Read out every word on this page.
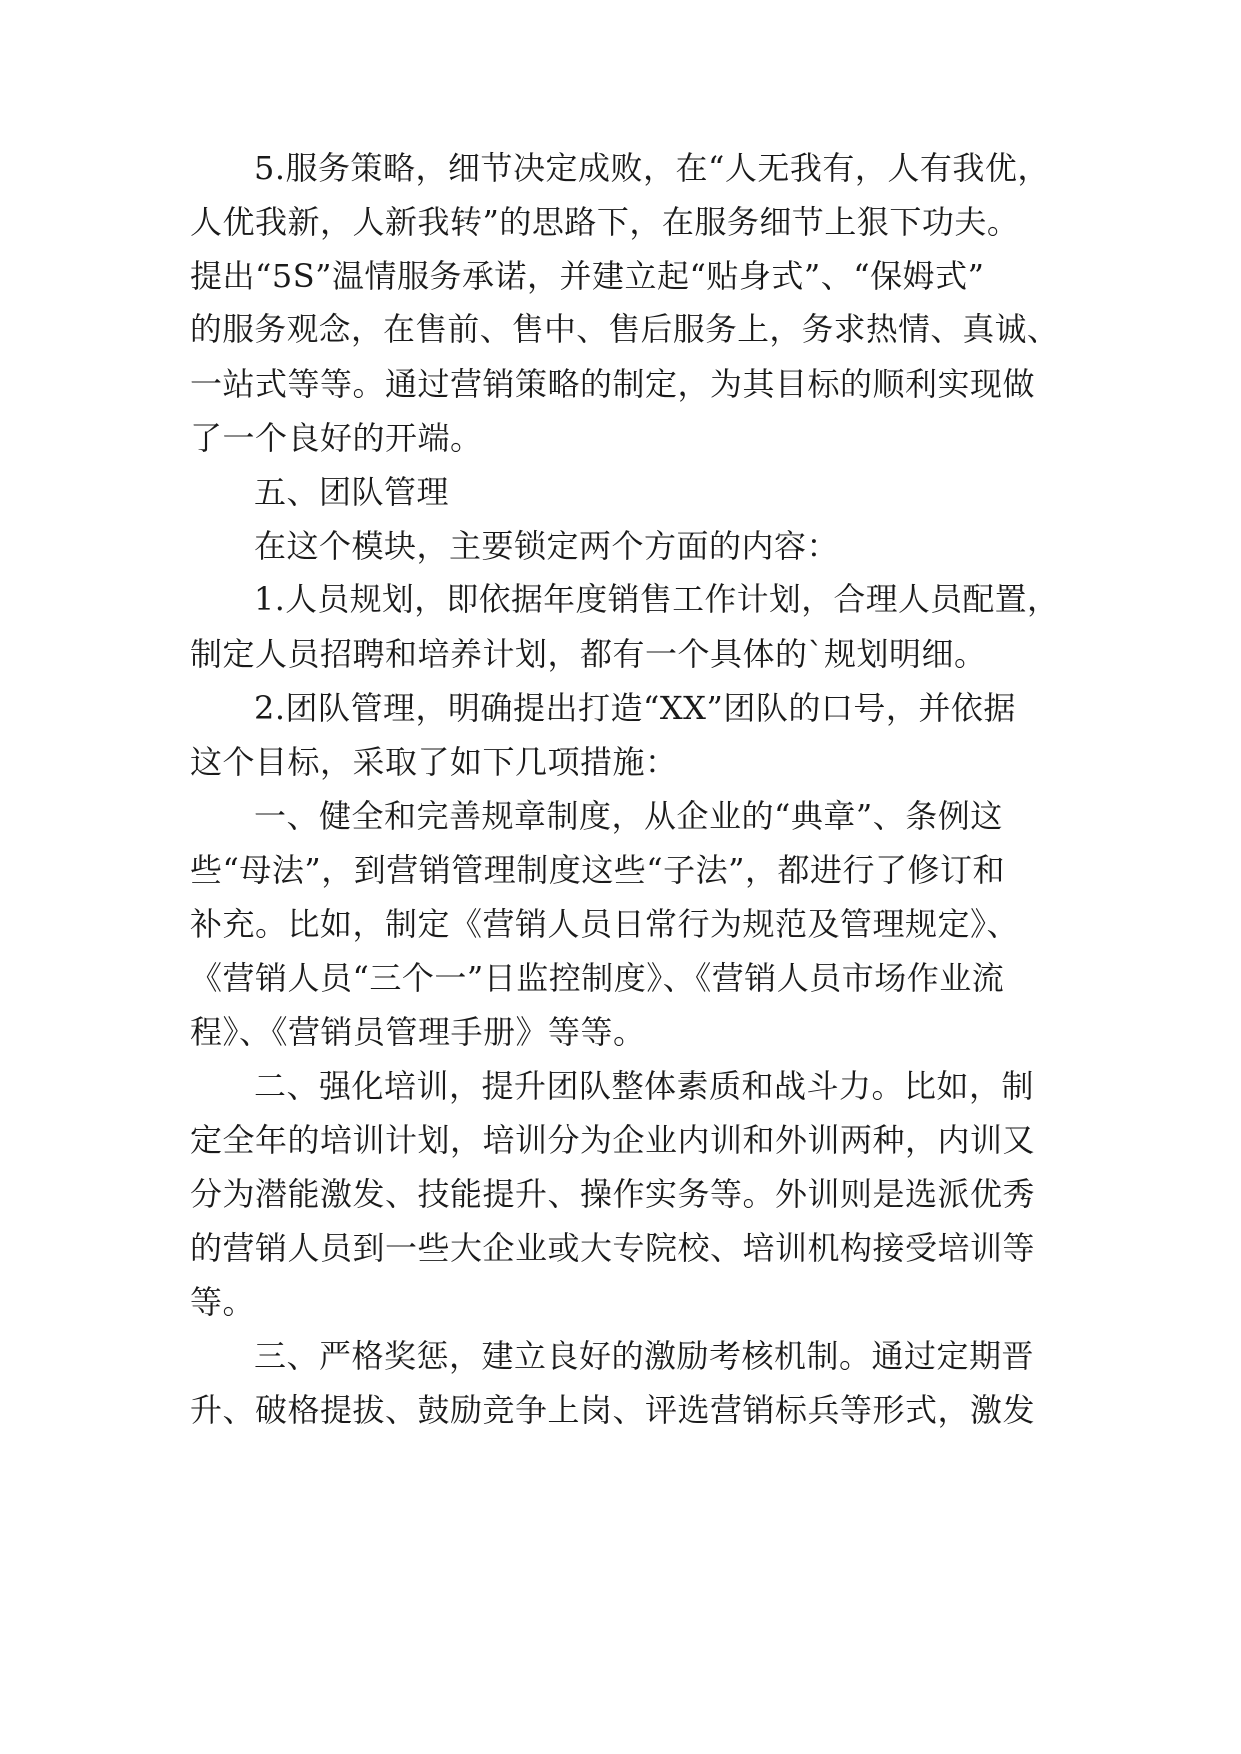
5.服务策略，细节决定成败，在“人无我有，人有我优，
人优我新，人新我转”的思路下，在服务细节上狠下功夫。
提出“5S”温情服务承诺，并建立起“贴身式”、“保姆式”
的服务观念，在售前、售中、售后服务上，务求热情、真诚、
一站式等等。通过营销策略的制定，为其目标的顺利实现做
了一个良好的开端。
五、团队管理
在这个模块，主要锁定两个方面的内容：
1.人员规划，即依据年度销售工作计划，合理人员配置，
制定人员招聘和培养计划，都有一个具体的`规划明细。
2.团队管理，明确提出打造“XX”团队的口号，并依据
这个目标，采取了如下几项措施：
一、健全和完善规章制度，从企业的“典章”、条例这
些“母法”，到营销管理制度这些“子法”，都进行了修订和
补充。比如，制定《营销人员日常行为规范及管理规定》、
《营销人员“三个一”日监控制度》、《营销人员市场作业流
程》、《营销员管理手册》等等。
二、强化培训，提升团队整体素质和战斗力。比如，制
定全年的培训计划，培训分为企业内训和外训两种，内训又
分为潜能激发、技能提升、操作实务等。外训则是选派优秀
的营销人员到一些大企业或大专院校、培训机构接受培训等
等。
三、严格奖惩，建立良好的激励考核机制。通过定期晋
升、破格提拔、鼓励竞争上岗、评选营销标兵等形式，激发
